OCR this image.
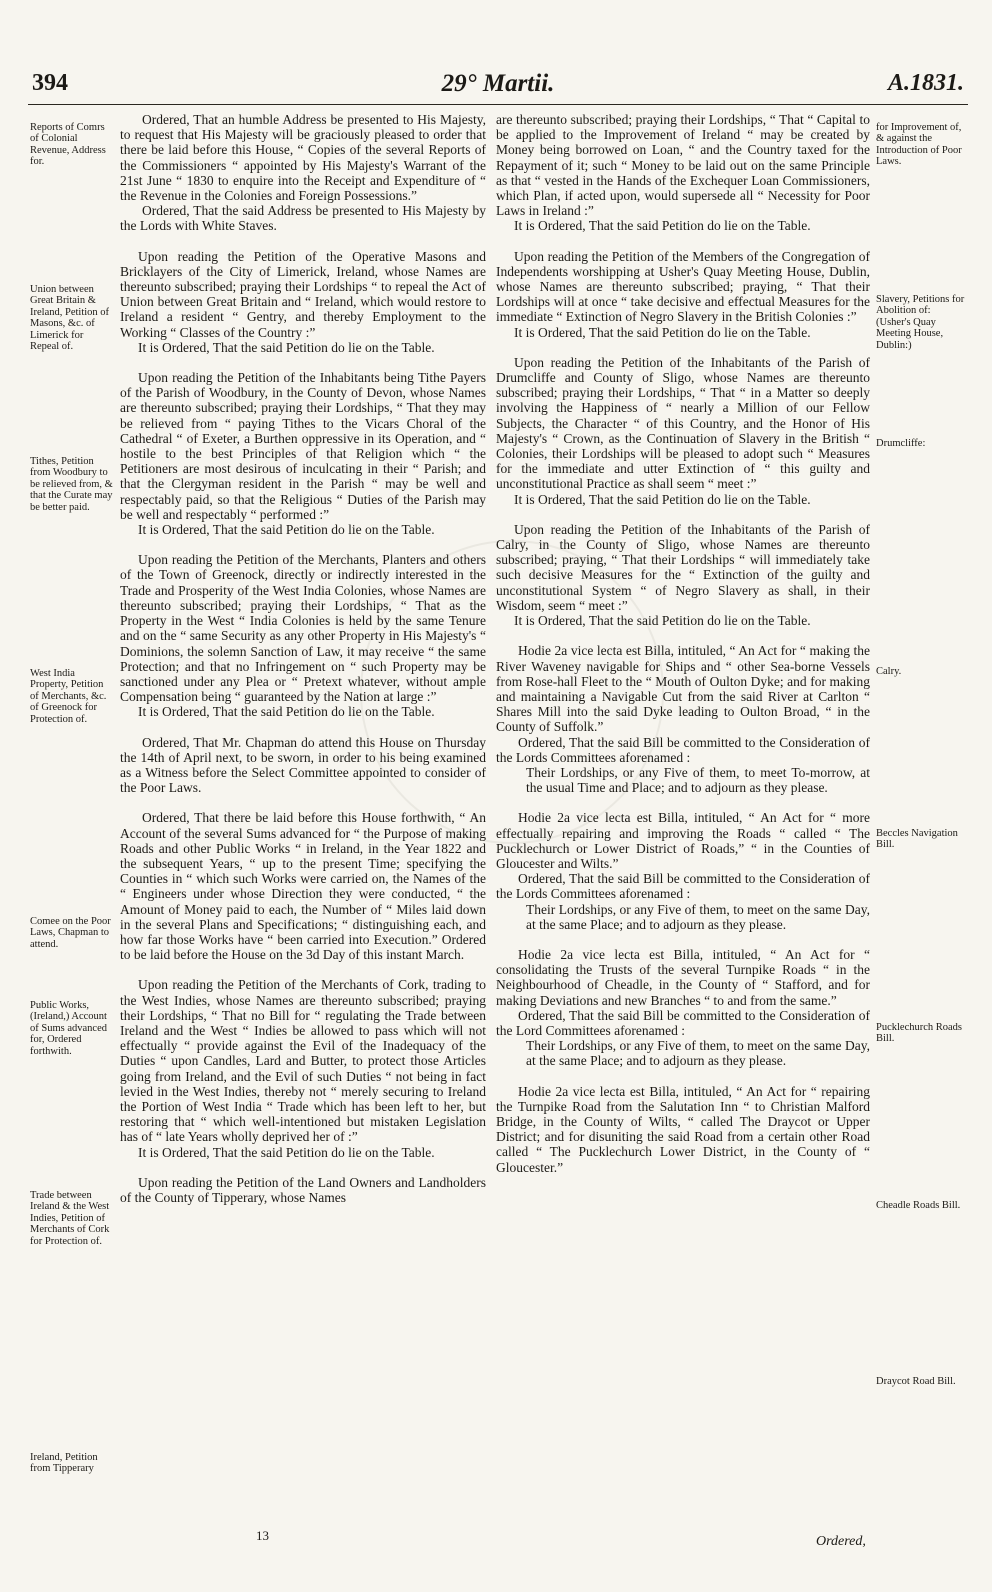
394	29° Martii.	A.1831.

Ordered, That an humble Address be presented to His Majesty, to request that His Majesty will be graciously pleased to order that there be laid before this House, “ Copies of the several Reports of the Commissioners “ appointed by His Majesty's Warrant of the 21st June “ 1830 to enquire into the Receipt and Expenditure of “ the Revenue in the Colonies and Foreign Possessions.”

Ordered, That the said Address be presented to His Majesty by the Lords with White Staves.

Upon reading the Petition of the Operative Masons and Bricklayers of the City of Limerick, Ireland, whose Names are thereunto subscribed; praying their Lordships “ to repeal the Act of Union between Great Britain and “ Ireland, which would restore to Ireland a resident “ Gentry, and thereby Employment to the Working “ Classes of the Country :”

It is Ordered, That the said Petition do lie on the Table.

Upon reading the Petition of the Inhabitants being Tithe Payers of the Parish of Woodbury, in the County of Devon, whose Names are thereunto subscribed; praying their Lordships, “ That they may be relieved from “ paying Tithes to the Vicars Choral of the Cathedral “ of Exeter, a Burthen oppressive in its Operation, and “ hostile to the best Principles of that Religion which “ the Petitioners are most desirous of inculcating in their “ Parish; and that the Clergyman resident in the Parish “ may be well and respectably paid, so that the Religious “ Duties of the Parish may be well and respectably “ performed :”

It is Ordered, That the said Petition do lie on the Table.

Upon reading the Petition of the Merchants, Planters and others of the Town of Greenock, directly or indirectly interested in the Trade and Prosperity of the West India Colonies, whose Names are thereunto subscribed; praying their Lordships, “ That as the Property in the West “ India Colonies is held by the same Tenure and on the “ same Security as any other Property in His Majesty's “ Dominions, the solemn Sanction of Law, it may receive “ the same Protection; and that no Infringement on “ such Property may be sanctioned under any Plea or “ Pretext whatever, without ample Compensation being “ guaranteed by the Nation at large :”

It is Ordered, That the said Petition do lie on the Table.

Ordered, That Mr. Chapman do attend this House on Thursday the 14th of April next, to be sworn, in order to his being examined as a Witness before the Select Committee appointed to consider of the Poor Laws.

Ordered, That there be laid before this House forthwith, “ An Account of the several Sums advanced for “ the Purpose of making Roads and other Public Works “ in Ireland, in the Year 1822 and the subsequent Years, “ up to the present Time; specifying the Counties in “ which such Works were carried on, the Names of the “ Engineers under whose Direction they were conducted, “ the Amount of Money paid to each, the Number of “ Miles laid down in the several Plans and Specifications; “ distinguishing each, and how far those Works have “ been carried into Execution.” Ordered to be laid before the House on the 3d Day of this instant March.

Upon reading the Petition of the Merchants of Cork, trading to the West Indies, whose Names are thereunto subscribed; praying their Lordships, “ That no Bill for “ regulating the Trade between Ireland and the West “ Indies be allowed to pass which will not effectually “ provide against the Evil of the Inadequacy of the Duties “ upon Candles, Lard and Butter, to protect those Articles going from Ireland, and the Evil of such Duties “ not being in fact levied in the West Indies, thereby not “ merely securing to Ireland the Portion of West India “ Trade which has been left to her, but restoring that “ which well-intentioned but mistaken Legislation has of “ late Years wholly deprived her of :”

It is Ordered, That the said Petition do lie on the Table.

Upon reading the Petition of the Land Owners and Landholders of the County of Tipperary, whose Names

are thereunto subscribed; praying their Lordships, “ That “ Capital to be applied to the Improvement of Ireland “ may be created by Money being borrowed on Loan, “ and the Country taxed for the Repayment of it; such “ Money to be laid out on the same Principle as that “ vested in the Hands of the Exchequer Loan Commissioners, which Plan, if acted upon, would supersede all “ Necessity for Poor Laws in Ireland :”

It is Ordered, That the said Petition do lie on the Table.

Upon reading the Petition of the Members of the Congregation of Independents worshipping at Usher's Quay Meeting House, Dublin, whose Names are thereunto subscribed; praying, “ That their Lordships will at once “ take decisive and effectual Measures for the immediate “ Extinction of Negro Slavery in the British Colonies :”

It is Ordered, That the said Petition do lie on the Table.

Upon reading the Petition of the Inhabitants of the Parish of Drumcliffe and County of Sligo, whose Names are thereunto subscribed; praying their Lordships, “ That “ in a Matter so deeply involving the Happiness of “ nearly a Million of our Fellow Subjects, the Character “ of this Country, and the Honor of His Majesty's “ Crown, as the Continuation of Slavery in the British “ Colonies, their Lordships will be pleased to adopt such “ Measures for the immediate and utter Extinction of “ this guilty and unconstitutional Practice as shall seem “ meet :”

It is Ordered, That the said Petition do lie on the Table.

Upon reading the Petition of the Inhabitants of the Parish of Calry, in the County of Sligo, whose Names are thereunto subscribed; praying, “ That their Lordships “ will immediately take such decisive Measures for the “ Extinction of the guilty and unconstitutional System “ of Negro Slavery as shall, in their Wisdom, seem “ meet :”

It is Ordered, That the said Petition do lie on the Table.

Hodie 2a vice lecta est Billa, intituled, “ An Act for “ making the River Waveney navigable for Ships and “ other Sea-borne Vessels from Rose-hall Fleet to the “ Mouth of Oulton Dyke; and for making and maintaining a Navigable Cut from the said River at Carlton “ Shares Mill into the said Dyke leading to Oulton Broad, “ in the County of Suffolk.”

Ordered, That the said Bill be committed to the Consideration of the Lords Committees aforenamed :

Their Lordships, or any Five of them, to meet To-morrow, at the usual Time and Place; and to adjourn as they please.

Hodie 2a vice lecta est Billa, intituled, “ An Act for “ more effectually repairing and improving the Roads “ called “ The Pucklechurch or Lower District of Roads,” “ in the Counties of Gloucester and Wilts.”

Ordered, That the said Bill be committed to the Consideration of the Lords Committees aforenamed :

Their Lordships, or any Five of them, to meet on the same Day, at the same Place; and to adjourn as they please.

Hodie 2a vice lecta est Billa, intituled, “ An Act for “ consolidating the Trusts of the several Turnpike Roads “ in the Neighbourhood of Cheadle, in the County of “ Stafford, and for making Deviations and new Branches “ to and from the same.”

Ordered, That the said Bill be committed to the Consideration of the Lord Committees aforenamed :

Their Lordships, or any Five of them, to meet on the same Day, at the same Place; and to adjourn as they please.

Hodie 2a vice lecta est Billa, intituled, “ An Act for “ repairing the Turnpike Road from the Salutation Inn “ to Christian Malford Bridge, in the County of Wilts, “ called The Draycot or Upper District; and for disuniting the said Road from a certain other Road called “ The Pucklechurch Lower District, in the County of “ Gloucester.”

Reports of Comrs of Colonial Revenue, Address for.
Union between Great Britain & Ireland, Petition of Masons, &c. of Limerick for Repeal of.
Tithes, Petition from Woodbury to be relieved from, & that the Curate may be better paid.
West India Property, Petition of Merchants, &c. of Greenock for Protection of.
Comee on the Poor Laws, Chapman to attend.
Public Works, (Ireland,) Account of Sums advanced for, Ordered forthwith.
Trade between Ireland & the West Indies, Petition of Merchants of Cork for Protection of.
Ireland, Petition from Tipperary
for Improvement of, & against the Introduction of Poor Laws.
Slavery, Petitions for Abolition of: (Usher's Quay Meeting House, Dublin:)
Drumcliffe:
Calry.
Beccles Navigation Bill.
Pucklechurch Roads Bill.
Cheadle Roads Bill.
Draycot Road Bill.
13	Ordered,
